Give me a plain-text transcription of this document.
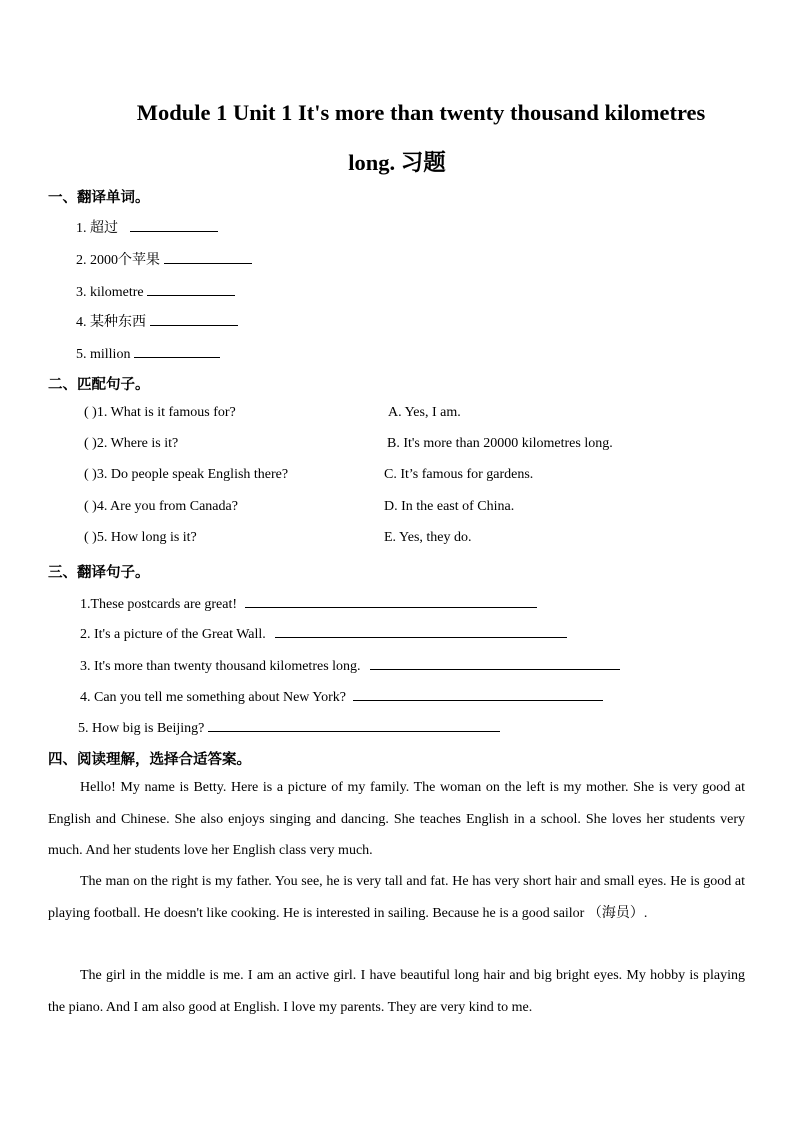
Module 1 Unit 1 It's more than twenty thousand kilometres
long. 习题
一、翻译单词。
1. 超过
2. 2000个苹果
3. kilometre
4. 某种东西
5. million
二、匹配句子。
( )1. What is it famous for?	A. Yes, I am.
( )2. Where is it?	B. It's more than 20000 kilometres long.
( )3. Do people speak English there?	C. It’s famous for gardens.
( )4. Are you from Canada?	D. In the east of China.
( )5. How long is it?	E. Yes, they do.
三、翻译句子。
1.These postcards are great!
2. It's a picture of the Great Wall.
3. It's more than twenty thousand kilometres long.
4. Can you tell me something about New York?
5. How big is Beijing?
四、阅读理解，选择合适答案。
Hello! My name is Betty. Here is a picture of my family. The woman on the left is my mother. She is very good at English and Chinese. She also enjoys singing and dancing. She teaches English in a school. She loves her students very much. And her students love her English class very much.
The man on the right is my father. You see, he is very tall and fat. He has very short hair and small eyes. He is good at playing football. He doesn't like cooking. He is interested in sailing. Because he is a good sailor （海员）.
The girl in the middle is me. I am an active girl. I have beautiful long hair and big bright eyes. My hobby is playing the piano. And I am also good at English. I love my parents. They are very kind to me.
